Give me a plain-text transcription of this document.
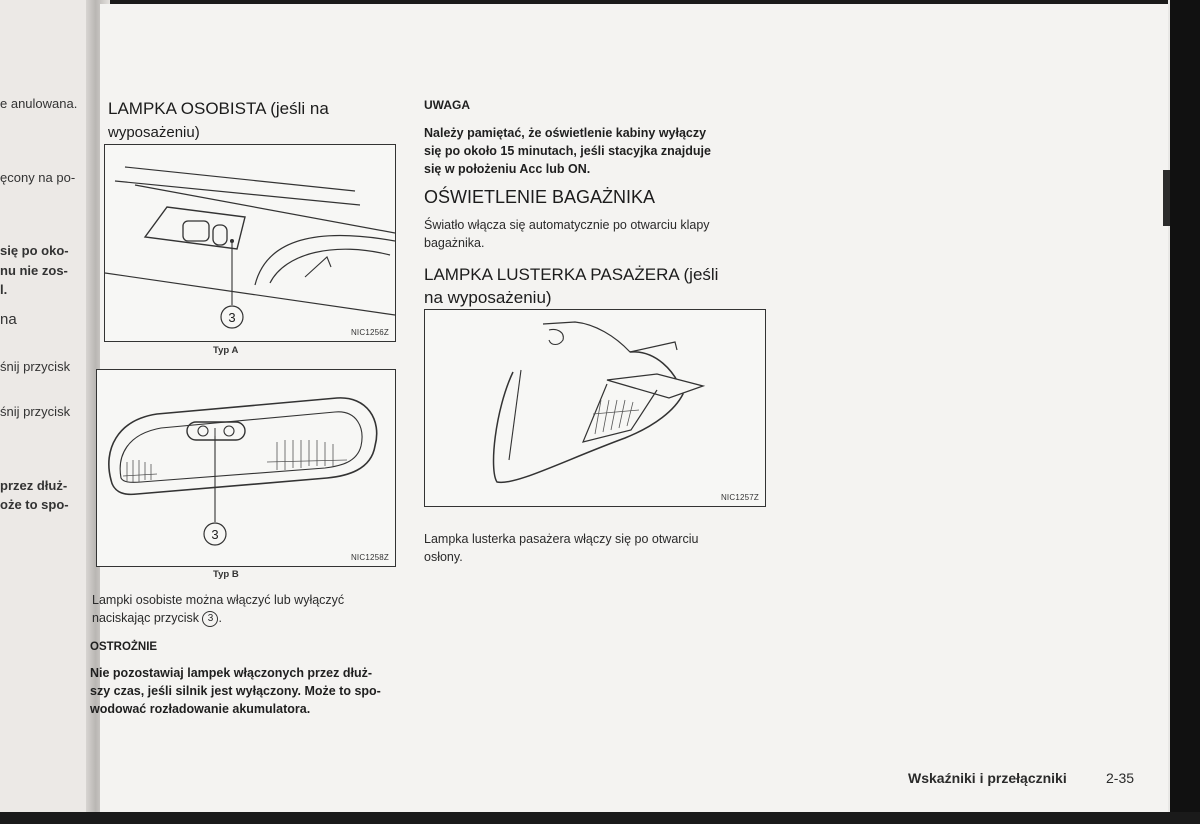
e anulowana.
ęcony na po-
się po oko-
nu nie zos-
l.
na
śnij przycisk
śnij przycisk
przez dłuż-
oże to spo-
LAMPKA OSOBISTA (jeśli na
wyposażeniu)
3
NIC1256Z
Typ A
3
NIC1258Z
Typ B
Lampki osobiste można włączyć lub wyłączyć
naciskając przycisk 3 .
OSTROŻNIE
Nie pozostawiaj lampek włączonych przez dłuż-
szy czas, jeśli silnik jest wyłączony. Może to spo-
wodować rozładowanie akumulatora.
UWAGA
Należy pamiętać, że oświetlenie kabiny wyłączy
się po około 15 minutach, jeśli stacyjka znajduje
się w położeniu Acc lub ON.
OŚWIETLENIE BAGAŻNIKA
Światło włącza się automatycznie po otwarciu klapy
bagażnika.
LAMPKA LUSTERKA PASAŻERA (jeśli
na wyposażeniu)
NIC1257Z
Lampka lusterka pasażera włączy się po otwarciu
osłony.
Wskaźniki i przełączniki	2-35
